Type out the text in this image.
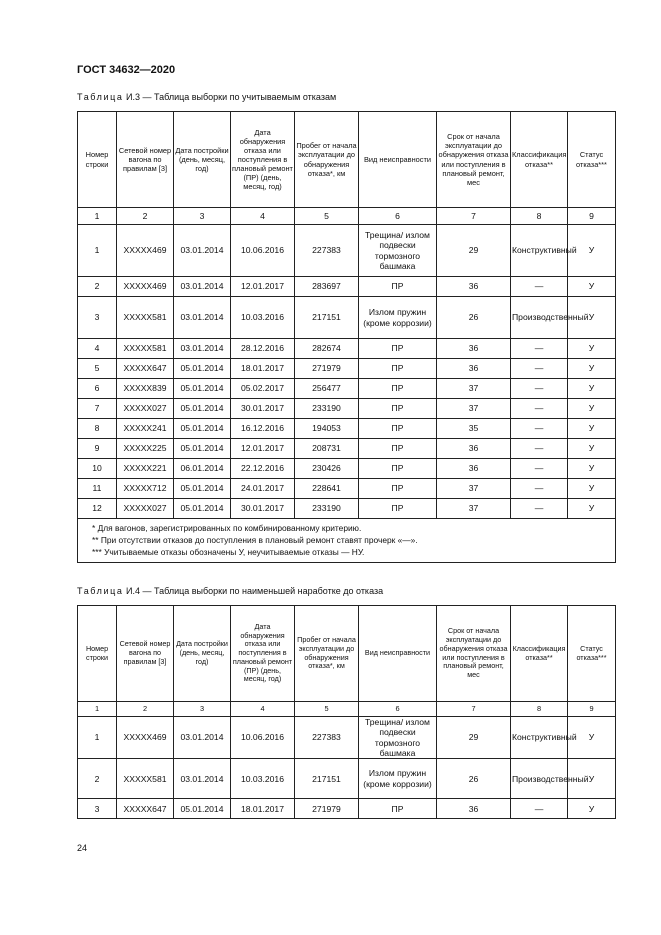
ГОСТ 34632—2020
Таблица И.3 — Таблица выборки по учитываемым отказам
Номер строки	Сетевой номер вагона по правилам [3]	Дата постройки (день, месяц, год)	Дата обнаружения отказа или поступления в плановый ремонт (ПР) (день, месяц, год)	Пробег от начала эксплуатации до обнаружения отказа*, км	Вид неисправности	Срок от начала эксплуатации до обнаружения отказа или поступления в плановый ремонт, мес	Классификация отказа**	Статус отказа***
1	2	3	4	5	6	7	8	9
1	XXXXX469	03.01.2014	10.06.2016	227383	Трещина/ излом подвески тормозного башмака	29	Конструктивный	У
2	XXXXX469	03.01.2014	12.01.2017	283697	ПР	36	—	У
3	XXXXX581	03.01.2014	10.03.2016	217151	Излом пружин (кроме коррозии)	26	Производственный	У
4	XXXXX581	03.01.2014	28.12.2016	282674	ПР	36	—	У
5	XXXXX647	05.01.2014	18.01.2017	271979	ПР	36	—	У
6	XXXXX839	05.01.2014	05.02.2017	256477	ПР	37	—	У
7	XXXXX027	05.01.2014	30.01.2017	233190	ПР	37	—	У
8	XXXXX241	05.01.2014	16.12.2016	194053	ПР	35	—	У
9	XXXXX225	05.01.2014	12.01.2017	208731	ПР	36	—	У
10	XXXXX221	06.01.2014	22.12.2016	230426	ПР	36	—	У
11	XXXXX712	05.01.2014	24.01.2017	228641	ПР	37	—	У
12	XXXXX027	05.01.2014	30.01.2017	233190	ПР	37	—	У

* Для вагонов, зарегистрированных по комбинированному критерию.
** При отсутствии отказов до поступления в плановый ремонт ставят прочерк «—».
*** Учитываемые отказы обозначены У, неучитываемые отказы — НУ.								
Таблица И.4 — Таблица выборки по наименьшей наработке до отказа
Номер строки	Сетевой номер вагона по правилам [3]	Дата постройки (день, месяц, год)	Дата обнаружения отказа или поступления в плановый ремонт (ПР) (день, месяц, год)	Пробег от начала эксплуатации до обнаружения отказа*, км	Вид неисправности	Срок от начала эксплуатации до обнаружения отказа или поступления в плановый ремонт, мес	Классификация отказа**	Статус отказа***
1	2	3	4	5	6	7	8	9
1	XXXXX469	03.01.2014	10.06.2016	227383	Трещина/ излом подвески тормозного башмака	29	Конструктивный	У
2	XXXXX581	03.01.2014	10.03.2016	217151	Излом пружин (кроме коррозии)	26	Производственный	У
3	XXXXX647	05.01.2014	18.01.2017	271979	ПР	36	—	У
24
